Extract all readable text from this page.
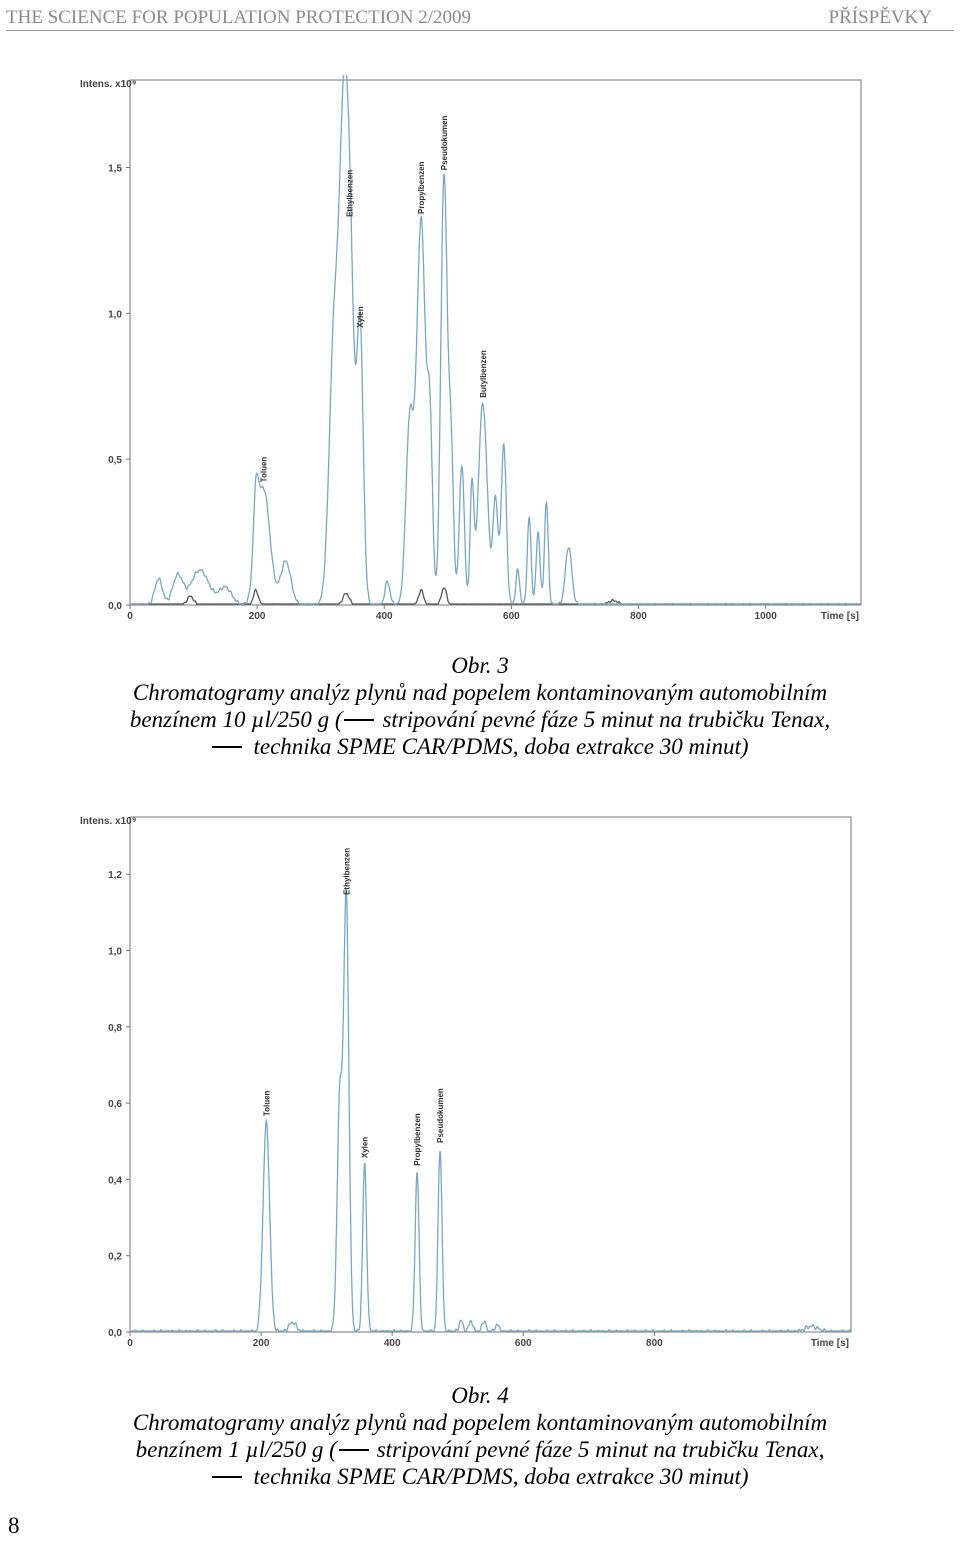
THE SCIENCE FOR POPULATION PROTECTION 2/2009	PŘÍSPĚVKY
Intens. x10⁹
0,0
0,5
1,0
1,5
0	200	400	600	800	1000	Time [s]
Toluen
Ethylbenzen
Xylen
Propylbenzen
Pseudokumen
Butylbenzen
Obr. 3
Chromatogramy analýz plynů nad popelem kontaminovaným automobilním
benzínem 10 µl/250 g ( stripování pevné fáze 5 minut na trubičku Tenax,
technika SPME CAR/PDMS, doba extrakce 30 minut)
Intens. x10⁹
0,0
0,2
0,4
0,6
0,8
1,0
1,2
0	200	400	600	800	Time [s]
Toluen
Ethylbenzen
Xylen	Propylbenzen Pseudokumen
Obr. 4
Chromatogramy analýz plynů nad popelem kontaminovaným automobilním
benzínem 1 µl/250 g ( stripování pevné fáze 5 minut na trubičku Tenax,
technika SPME CAR/PDMS, doba extrakce 30 minut)
8
